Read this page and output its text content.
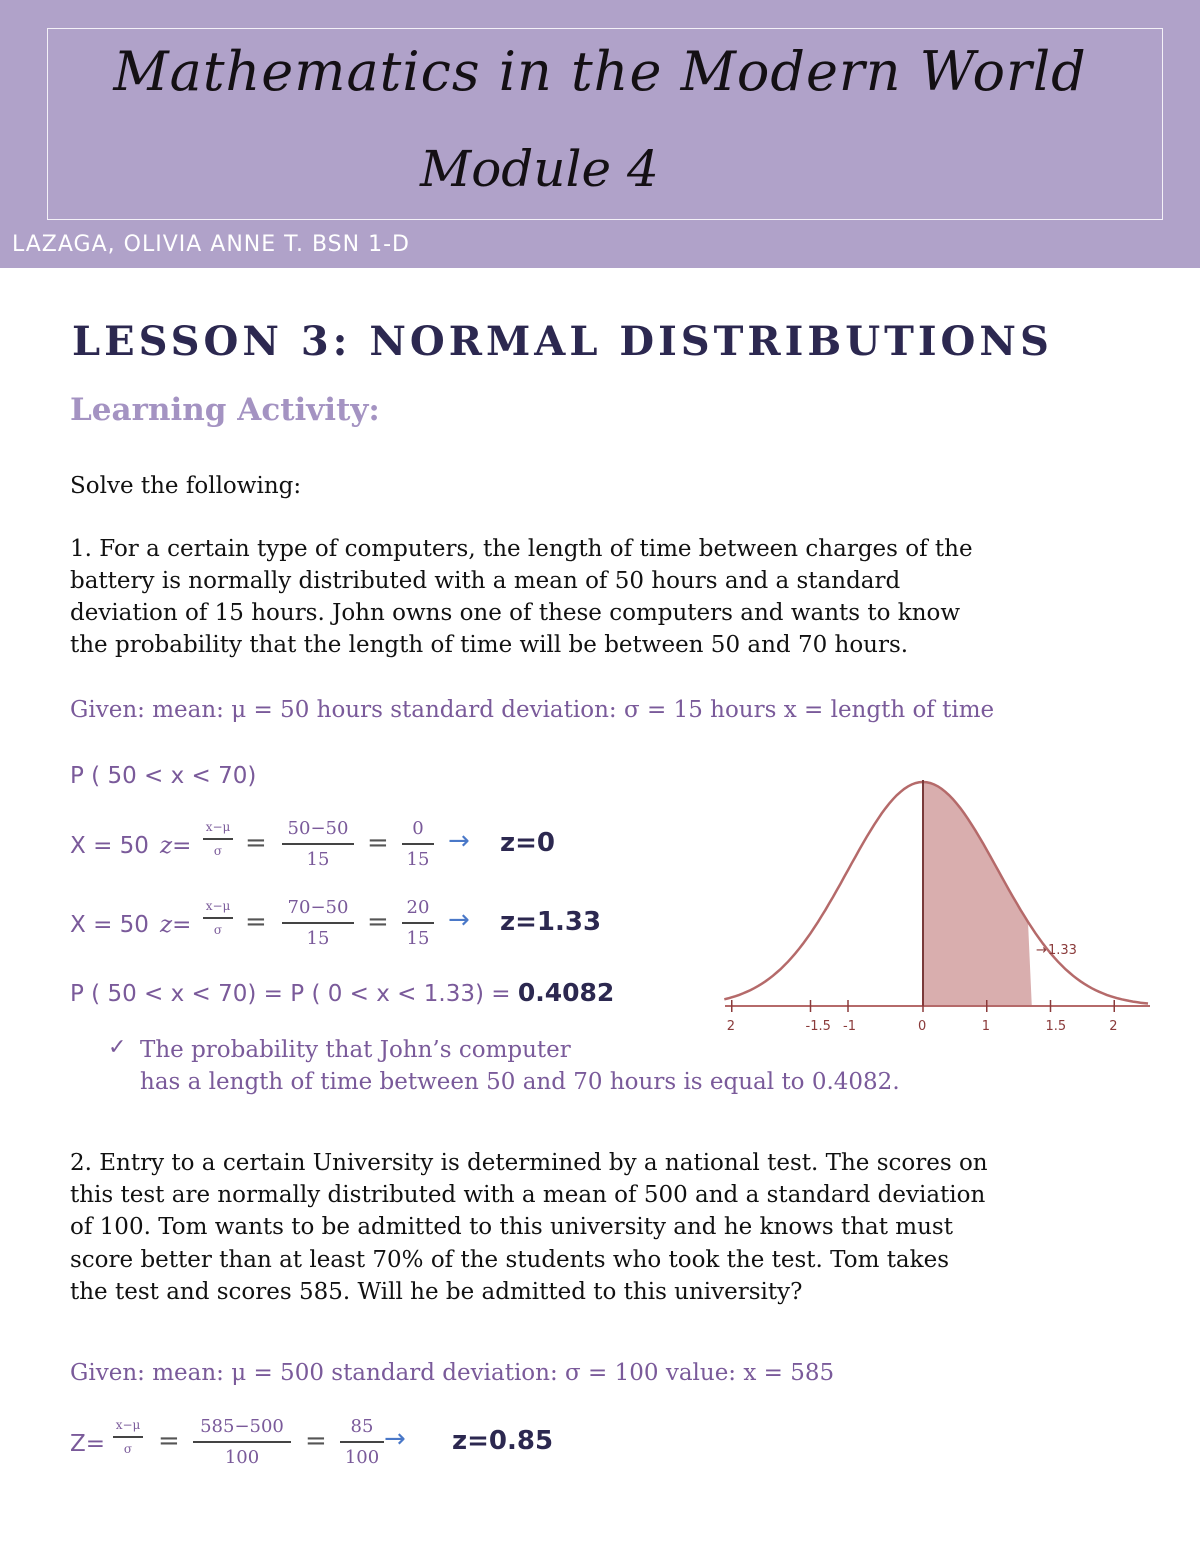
Mathematics in the Modern World
Module 4
LAZAGA, OLIVIA ANNE T. BSN 1-D
LESSON 3: NORMAL DISTRIBUTIONS
Learning Activity:

Solve the following:

1. For a certain type of computers, the length of time between charges of the

battery is normally distributed with a mean of 50 hours and a standard

deviation of 15 hours. John owns one of these computers and wants to know

the probability that the length of time will be between 50 and 70 hours.

Given: mean: μ = 50 hours standard deviation: σ = 15 hours x = length of time

P ( 50 < x < 70)

X = 50 z=
x−μ
σ =	50−50
15
=	0
15
→ z=0
X = 50 z=
x−μ
σ =	70−50
15
= 20
15
→ z=1.33

P ( 50 < x < 70) = P ( 0 < x < 1.33) = 0.4082

✓ The probability that John’s computer

has a length of time between 50 and 70 hours is equal to 0.4082.

2	-1.5 -1	0	1	1.5	2
1.33
→

2. Entry to a certain University is determined by a national test. The scores on

this test are normally distributed with a mean of 500 and a standard deviation

of 100. Tom wants to be admitted to this university and he knows that must

score better than at least 70% of the students who took the test. Tom takes

the test and scores 585. Will he be admitted to this university?

Given: mean: μ = 500 standard deviation: σ = 100 value: x = 585

Z=
x−μ
σ =	585−500
100
=	85
100
→ z=0.85
